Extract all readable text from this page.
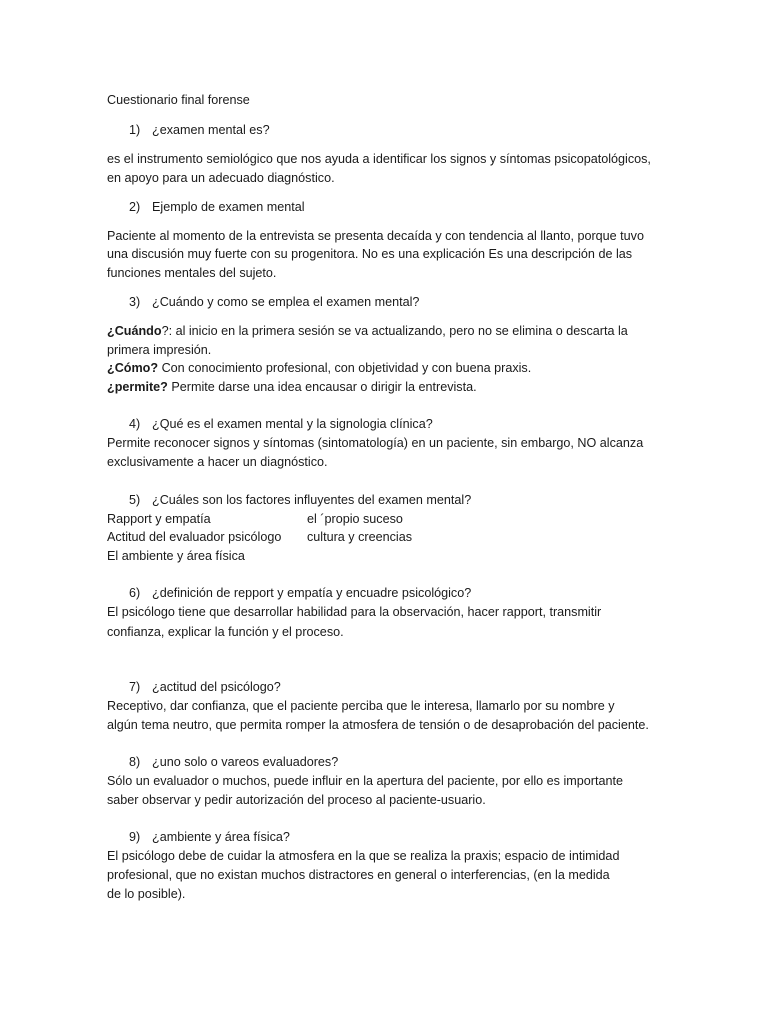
Cuestionario final forense
1) ¿examen mental es?
es el instrumento semiológico que nos ayuda a identificar los signos y síntomas psicopatológicos,
en apoyo para un adecuado diagnóstico.
2) Ejemplo de examen mental
Paciente al momento de la entrevista se presenta decaída y con tendencia al llanto, porque tuvo
una discusión muy fuerte con su progenitora. No es una explicación Es una descripción de las
funciones mentales del sujeto.
3) ¿Cuándo y como se emplea el examen mental?
¿Cuándo?: al inicio en la primera sesión se va actualizando, pero no se elimina o descarta la
primera impresión.
¿Cómo? Con conocimiento profesional, con objetividad y con buena praxis.
¿permite? Permite darse una idea encausar o dirigir la entrevista.
4) ¿Qué es el examen mental y la signologia clínica?
Permite reconocer signos y síntomas (sintomatología) en un paciente, sin embargo, NO alcanza
exclusivamente a hacer un diagnóstico.
5) ¿Cuáles son los factores influyentes del examen mental?
Rapport y empatía	el ´propio suceso
Actitud del evaluador psicólogo cultura y creencias
El ambiente y área física
6) ¿definición de repport y empatía y encuadre psicológico?
El psicólogo tiene que desarrollar habilidad para la observación, hacer rapport, transmitir
confianza, explicar la función y el proceso.
7) ¿actitud del psicólogo?
Receptivo, dar confianza, que el paciente perciba que le interesa, llamarlo por su nombre y
algún tema neutro, que permita romper la atmosfera de tensión o de desaprobación del paciente.
8) ¿uno solo o vareos evaluadores?
Sólo un evaluador o muchos, puede influir en la apertura del paciente, por ello es importante
saber observar y pedir autorización del proceso al paciente-usuario.
9) ¿ambiente y área física?
El psicólogo debe de cuidar la atmosfera en la que se realiza la praxis; espacio de intimidad
profesional, que no existan muchos distractores en general o interferencias, (en la medida
de lo posible).
